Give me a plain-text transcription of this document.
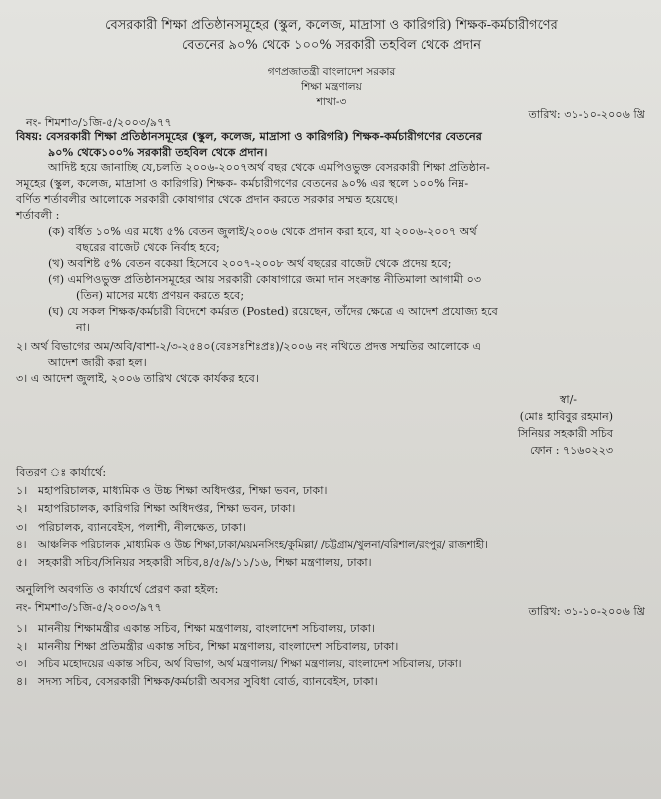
বেসরকারী শিক্ষা প্রতিষ্ঠানসমূহের (স্কুল, কলেজ, মাদ্রাসা ও কারিগরি) শিক্ষক-কর্মচারীগণের
বেতনের ৯০% থেকে ১০০% সরকারী তহবিল থেকে প্রদান
গণপ্রজাতন্ত্রী বাংলাদেশ সরকার
শিক্ষা মন্ত্রণালয়
শাখা-৩
নং- শিমশা৩/১জি-৫/২০০৩/৯৭৭
তারিখ: ৩১-১০-২০০৬ খ্রি
বিষয়: বেসরকারী শিক্ষা প্রতিষ্ঠানসমূহের (স্কুল, কলেজ, মাদ্রাসা ও কারিগরি) শিক্ষক-কর্মচারীগণের বেতনের
৯০% থেকে১০০% সরকারী তহবিল থেকে প্রদান।
আদিষ্ট হয়ে জানাচ্ছি যে,চলতি ২০০৬-২০০৭অর্থ বছর থেকে এমপিওভুক্ত বেসরকারী শিক্ষা প্রতিষ্ঠান-
সমূহের (স্কুল, কলেজ, মাদ্রাসা ও কারিগরি) শিক্ষক- কর্মচারীগণের বেতনের ৯০% এর স্থলে ১০০% নিম্ন-
বর্ণিত শর্তাবলীর আলোকে সরকারী কোষাগার থেকে প্রদান করতে সরকার সম্মত হয়েছে।
শর্তাবলী :
(ক) বর্ধিত ১০% এর মধ্যে ৫% বেতন জুলাই/২০০৬ থেকে প্রদান করা হবে, যা ২০০৬-২০০৭ অর্থ
বছরের বাজেট থেকে নির্বাহ হবে;
(খ) অবশিষ্ট ৫% বেতন বকেয়া হিসেবে ২০০৭-২০০৮ অর্থ বছরের বাজেট থেকে প্রদেয় হবে;
(গ) এমপিওভুক্ত প্রতিষ্ঠানসমূহের আয় সরকারী কোষাগারে জমা দান সংক্রান্ত নীতিমালা আগামী ০৩
(তিন) মাসের মধ্যে প্রণয়ন করতে হবে;
(ঘ) যে সকল শিক্ষক/কর্মচারী বিদেশে কর্মরত (Posted) রয়েছেন, তাঁদের ক্ষেত্রে এ আদেশ প্রযোজ্য হবে
না।
২। অর্থ বিভাগের অম/অবি/বাশা-২/৩-২৫৪০(বেঃসঃশিঃপ্রঃ)/২০০৬ নং নথিতে প্রদত্ত সম্মতির আলোকে এ
আদেশ জারী করা হল।
৩। এ আদেশ জুলাই, ২০০৬ তারিখ থেকে কার্যকর হবে।
স্বা/-
(মোঃ হাবিবুর রহমান)
সিনিয়র সহকারী সচিব
ফোন : ৭১৬০২২৩
বিতরণ ঃ কার্যার্থে:
১। মহাপরিচালক, মাধ্যমিক ও উচ্চ শিক্ষা অধিদপ্তর, শিক্ষা ভবন, ঢাকা।
২। মহাপরিচালক, কারিগরি শিক্ষা অধিদপ্তর, শিক্ষা ভবন, ঢাকা।
৩। পরিচালক, ব্যানবেইস, পলাশী, নীলক্ষেত, ঢাকা।
৪। আঞ্চলিক পরিচালক ,মাধ্যমিক ও উচ্চ শিক্ষা,ঢাকা/ময়মনসিংহ/কুমিল্লা/ /চট্টগ্রাম/খুলনা/বরিশাল/রংপুর/ রাজশাহী।
৫। সহকারী সচিব/সিনিয়র সহকারী সচিব,৪/৫/৯/১১/১৬, শিক্ষা মন্ত্রণালয়, ঢাকা।
অনুলিপি অবগতি ও কার্যার্থে প্রেরণ করা হইল:
নং- শিমশা৩/১জি-৫/২০০৩/৯৭৭	তারিখ: ৩১-১০-২০০৬ খ্রি
১। মাননীয় শিক্ষামন্ত্রীর একান্ত সচিব, শিক্ষা মন্ত্রণালয়, বাংলাদেশ সচিবালয়, ঢাকা।
২। মাননীয় শিক্ষা প্রতিমন্ত্রীর একান্ত সচিব, শিক্ষা মন্ত্রণালয়, বাংলাদেশ সচিবালয়, ঢাকা।
৩। সচিব মহোদয়ের একান্ত সচিব, অর্থ বিভাগ, অর্থ মন্ত্রণালয়/ শিক্ষা মন্ত্রণালয়, বাংলাদেশ সচিবালয়, ঢাকা।
৪। সদস্য সচিব, বেসরকারী শিক্ষক/কর্মচারী অবসর সুবিধা বোর্ড, ব্যানবেইস, ঢাকা।
